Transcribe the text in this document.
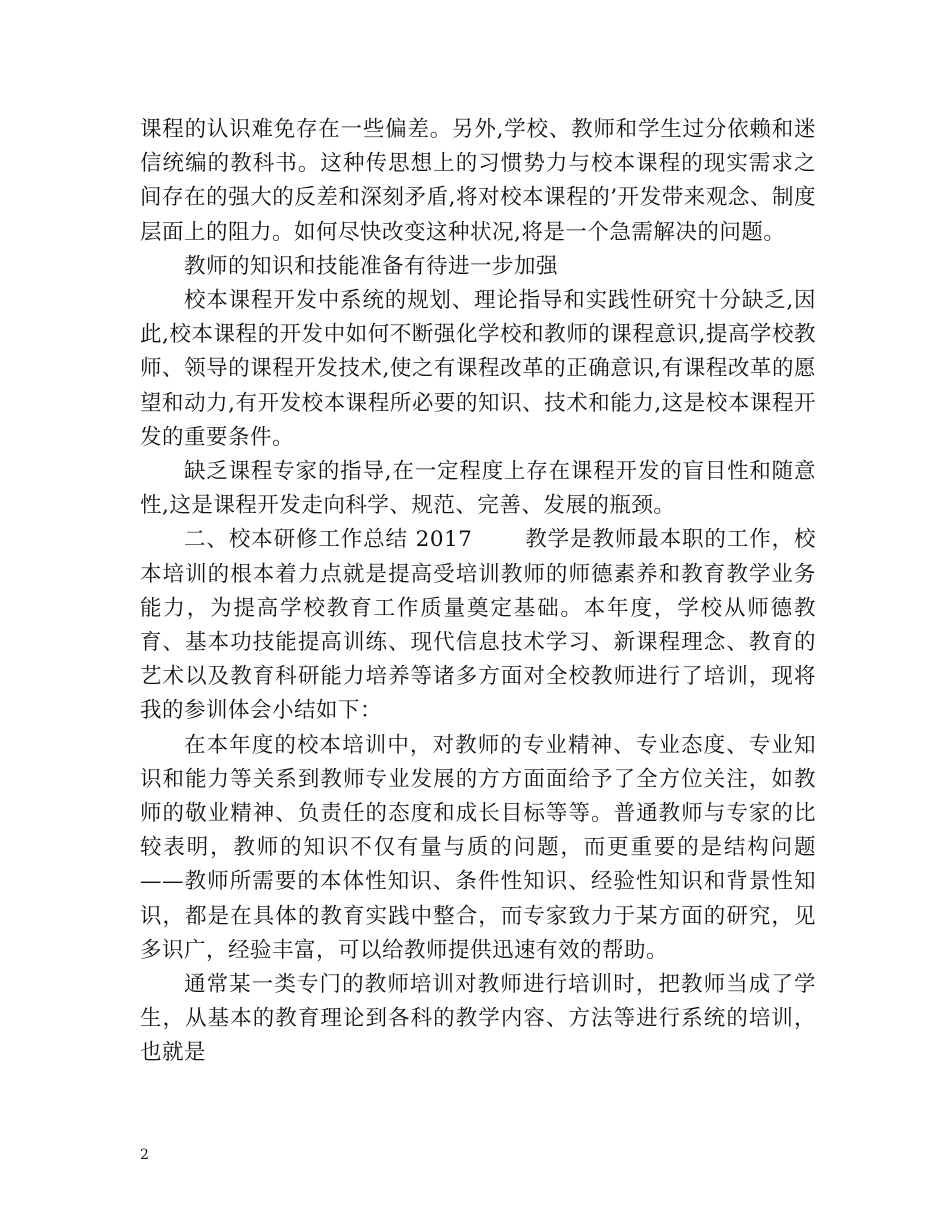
课程的认识难免存在一些偏差。另外,学校、教师和学生过分依赖和迷信统编的教科书。这种传思想上的习惯势力与校本课程的现实需求之间存在的强大的反差和深刻矛盾,将对校本课程的’开发带来观念、制度层面上的阻力。如何尽快改变这种状况,将是一个急需解决的问题。

教师的知识和技能准备有待进一步加强

校本课程开发中系统的规划、理论指导和实践性研究十分缺乏,因此,校本课程的开发中如何不断强化学校和教师的课程意识,提高学校教师、领导的课程开发技术,使之有课程改革的正确意识,有课程改革的愿望和动力,有开发校本课程所必要的知识、技术和能力,这是校本课程开发的重要条件。

缺乏课程专家的指导,在一定程度上存在课程开发的盲目性和随意性,这是课程开发走向科学、规范、完善、发展的瓶颈。

二、校本研修工作总结 2017　　 教学是教师最本职的工作，校本培训的根本着力点就是提高受培训教师的师德素养和教育教学业务能力，为提高学校教育工作质量奠定基础。本年度，学校从师德教育、基本功技能提高训练、现代信息技术学习、新课程理念、教育的艺术以及教育科研能力培养等诸多方面对全校教师进行了培训，现将我的参训体会小结如下：

在本年度的校本培训中，对教师的专业精神、专业态度、专业知识和能力等关系到教师专业发展的方方面面给予了全方位关注，如教师的敬业精神、负责任的态度和成长目标等等。普通教师与专家的比较表明，教师的知识不仅有量与质的问题，而更重要的是结构问题——教师所需要的本体性知识、条件性知识、经验性知识和背景性知识，都是在具体的教育实践中整合，而专家致力于某方面的研究，见多识广，经验丰富，可以给教师提供迅速有效的帮助。

通常某一类专门的教师培训对教师进行培训时，把教师当成了学生，从基本的教育理论到各科的教学内容、方法等进行系统的培训，也就是

2
